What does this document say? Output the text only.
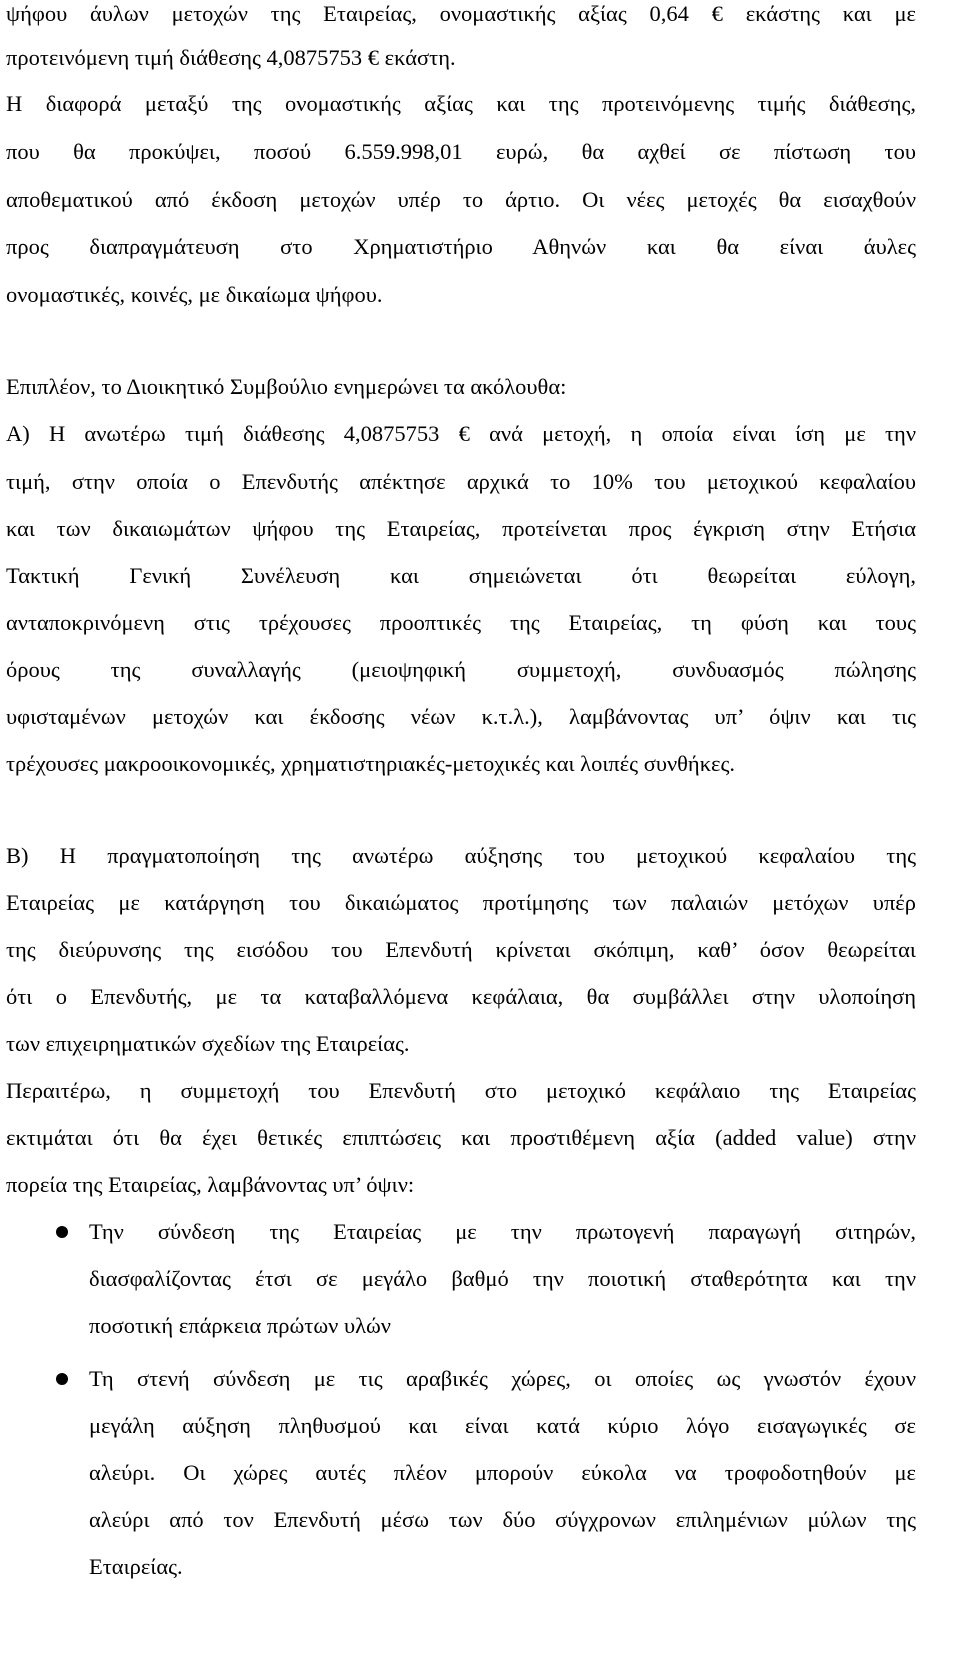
ψήφου άυλων μετοχών της Εταιρείας, ονομαστικής αξίας 0,64 € εκάστης και με
προτεινόμενη τιμή διάθεσης 4,0875753 € εκάστη.
Η διαφορά μεταξύ της ονομαστικής αξίας και της προτεινόμενης τιμής διάθεσης,
που θα προκύψει, ποσού 6.559.998,01 ευρώ, θα αχθεί σε πίστωση του
αποθεματικού από έκδοση μετοχών υπέρ το άρτιο. Οι νέες μετοχές θα εισαχθούν
προς διαπραγμάτευση στο Χρηματιστήριο Αθηνών και θα είναι άυλες
ονομαστικές, κοινές, με δικαίωμα ψήφου.
Επιπλέον, το Διοικητικό Συμβούλιο ενημερώνει τα ακόλουθα:
Α) Η ανωτέρω τιμή διάθεσης 4,0875753 € ανά μετοχή, η οποία είναι ίση με την
τιμή, στην οποία ο Επενδυτής απέκτησε αρχικά το 10% του μετοχικού κεφαλαίου
και των δικαιωμάτων ψήφου της Εταιρείας, προτείνεται προς έγκριση στην Ετήσια
Τακτική Γενική Συνέλευση και σημειώνεται ότι θεωρείται εύλογη,
ανταποκρινόμενη στις τρέχουσες προοπτικές της Εταιρείας, τη φύση και τους
όρους της συναλλαγής (μειοψηφική συμμετοχή, συνδυασμός πώλησης
υφισταμένων μετοχών και έκδοσης νέων κ.τ.λ.), λαμβάνοντας υπ’ όψιν και τις
τρέχουσες μακροοικονομικές, χρηματιστηριακές-μετοχικές και λοιπές συνθήκες.
Β) Η πραγματοποίηση της ανωτέρω αύξησης του μετοχικού κεφαλαίου της
Εταιρείας με κατάργηση του δικαιώματος προτίμησης των παλαιών μετόχων υπέρ
της διεύρυνσης της εισόδου του Επενδυτή κρίνεται σκόπιμη, καθ’ όσον θεωρείται
ότι ο Επενδυτής, με τα καταβαλλόμενα κεφάλαια, θα συμβάλλει στην υλοποίηση
των επιχειρηματικών σχεδίων της Εταιρείας.
Περαιτέρω, η συμμετοχή του Επενδυτή στο μετοχικό κεφάλαιο της Εταιρείας
εκτιμάται ότι θα έχει θετικές επιπτώσεις και προστιθέμενη αξία (added value) στην
πορεία της Εταιρείας, λαμβάνοντας υπ’ όψιν:
Την σύνδεση της Εταιρείας με την πρωτογενή παραγωγή σιτηρών,
διασφαλίζοντας έτσι σε μεγάλο βαθμό την ποιοτική σταθερότητα και την
ποσοτική επάρκεια πρώτων υλών
Τη στενή σύνδεση με τις αραβικές χώρες, οι οποίες ως γνωστόν έχουν
μεγάλη αύξηση πληθυσμού και είναι κατά κύριο λόγο εισαγωγικές σε
αλεύρι. Οι χώρες αυτές πλέον μπορούν εύκολα να τροφοδοτηθούν με
αλεύρι από τον Επενδυτή μέσω των δύο σύγχρονων επιλημένιων μύλων της
Εταιρείας.
